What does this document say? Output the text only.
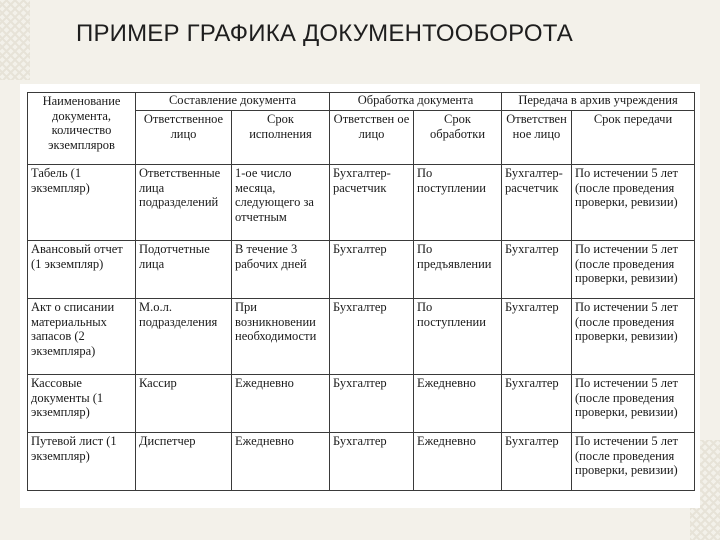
ПРИМЕР ГРАФИКА ДОКУМЕНТООБОРОТА
Наименование документа, количество экземпляров	Составление документа		Обработка документа		Передача в архив учреждения	
	Ответственное лицо	Срок исполнения	Ответствен ое лицо	Срок обработки	Ответствен ное лицо	Срок передачи
Табель (1 экземпляр)	Ответственные лица подразделений	1-ое число месяца, следующего за отчетным	Бухгалтер-расчетчик	По поступлении	Бухгалтер-расчетчик	По истечении 5 лет (после проведения проверки, ревизии)
Авансовый отчет (1 экземпляр)	Подотчетные лица	В течение 3 рабочих дней	Бухгалтер	По предъявлении	Бухгалтер	По истечении 5 лет (после проведения проверки, ревизии)
Акт о списании материальных запасов (2 экземпляра)	М.о.л. подразделения	При возникновении необходимости	Бухгалтер	По поступлении	Бухгалтер	По истечении 5 лет (после проведения проверки, ревизии)
Кассовые документы (1 экземпляр)	Кассир	Ежедневно	Бухгалтер	Ежедневно	Бухгалтер	По истечении 5 лет (после проведения проверки, ревизии)
Путевой лист (1 экземпляр)	Диспетчер	Ежедневно	Бухгалтер	Ежедневно	Бухгалтер	По истечении 5 лет (после проведения проверки, ревизии)
